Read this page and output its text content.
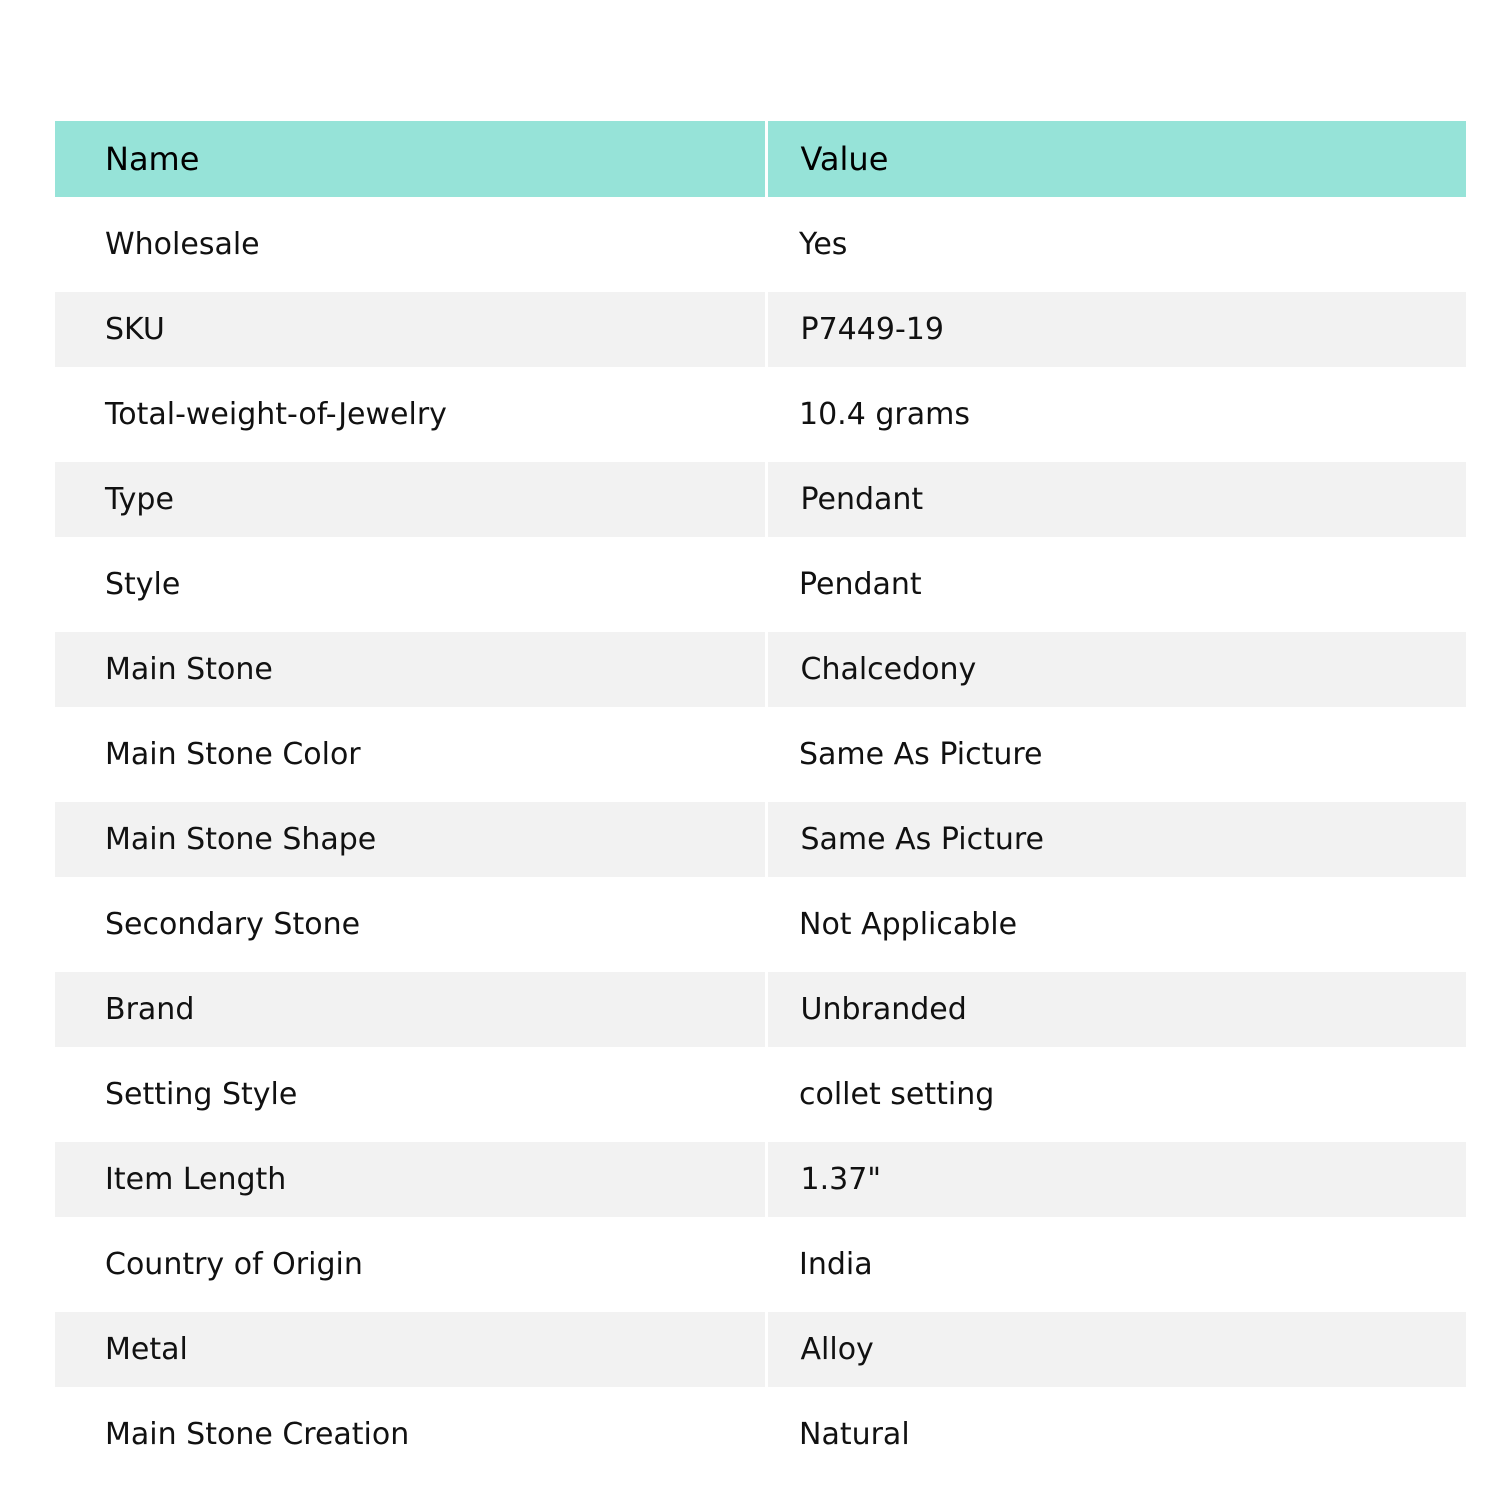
Name	Value
Wholesale	Yes
SKU	P7449-19
Total-weight-of-Jewelry	10.4 grams
Type	Pendant
Style	Pendant
Main Stone	Chalcedony
Main Stone Color	Same As Picture
Main Stone Shape	Same As Picture
Secondary Stone	Not Applicable
Brand	Unbranded
Setting Style	collet setting
Item Length	1.37"
Country of Origin	India
Metal	Alloy
Main Stone Creation	Natural
